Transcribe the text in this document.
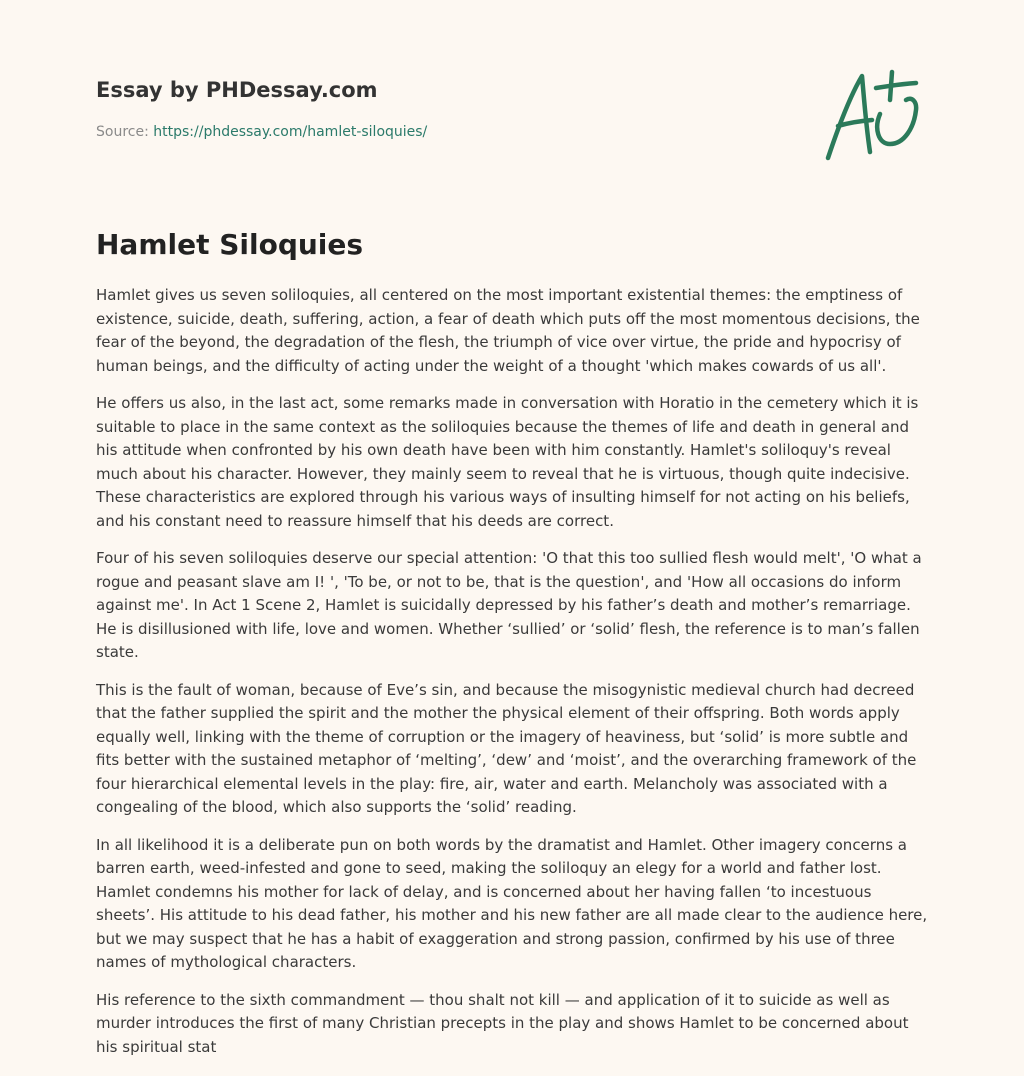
Essay by PHDessay.com
Source: https://phdessay.com/hamlet-siloquies/
Hamlet Siloquies

Hamlet gives us seven soliloquies, all centered on the most important existential themes: the emptiness of existence, suicide, death, suffering, action, a fear of death which puts off the most momentous decisions, the fear of the beyond, the degradation of the flesh, the triumph of vice over virtue, the pride and hypocrisy of human beings, and the difficulty of acting under the weight of a thought 'which makes cowards of us all'.

He offers us also, in the last act, some remarks made in conversation with Horatio in the cemetery which it is suitable to place in the same context as the soliloquies because the themes of life and death in general and his attitude when confronted by his own death have been with him constantly. Hamlet's soliloquy's reveal much about his character. However, they mainly seem to reveal that he is virtuous, though quite indecisive. These characteristics are explored through his various ways of insulting himself for not acting on his beliefs, and his constant need to reassure himself that his deeds are correct.

Four of his seven soliloquies deserve our special attention: 'O that this too sullied flesh would melt', 'O what a rogue and peasant slave am I! ', 'To be, or not to be, that is the question', and 'How all occasions do inform against me'. In Act 1 Scene 2, Hamlet is suicidally depressed by his father’s death and mother’s remarriage. He is disillusioned with life, love and women. Whether ‘sullied’ or ‘solid’ flesh, the reference is to man’s fallen state.

This is the fault of woman, because of Eve’s sin, and because the misogynistic medieval church had decreed that the father supplied the spirit and the mother the physical element of their offspring. Both words apply equally well, linking with the theme of corruption or the imagery of heaviness, but ‘solid’ is more subtle and fits better with the sustained metaphor of ‘melting’, ‘dew’ and ‘moist’, and the overarching framework of the four hierarchical elemental levels in the play: fire, air, water and earth. Melancholy was associated with a congealing of the blood, which also supports the ‘solid’ reading.

In all likelihood it is a deliberate pun on both words by the dramatist and Hamlet. Other imagery concerns a barren earth, weed-infested and gone to seed, making the soliloquy an elegy for a world and father lost. Hamlet condemns his mother for lack of delay, and is concerned about her having fallen ‘to incestuous sheets’. His attitude to his dead father, his mother and his new father are all made clear to the audience here, but we may suspect that he has a habit of exaggeration and strong passion, confirmed by his use of three names of mythological characters.

His reference to the sixth commandment — thou shalt not kill — and application of it to suicide as well as murder introduces the first of many Christian precepts in the play and shows Hamlet to be concerned about his spiritual stat
